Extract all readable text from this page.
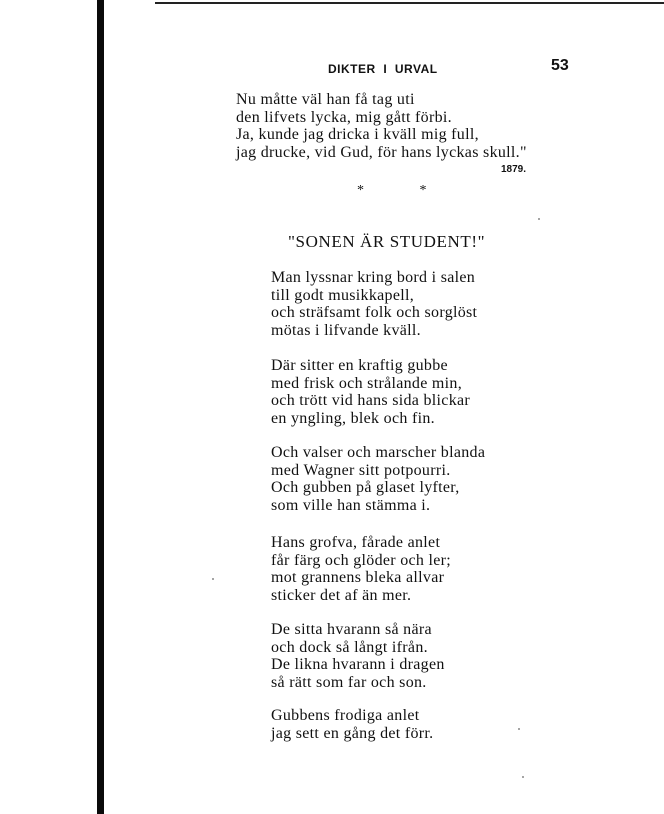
DIKTER  I  URVAL	53
Nu måtte väl han få tag uti
den lifvets lycka, mig gått förbi.
Ja, kunde jag dricka i kväll mig full,
jag drucke, vid Gud, för hans lyckas skull."
1879.
* *
"SONEN ÄR STUDENT!"
Man lyssnar kring bord i salen
till godt musikkapell,
och sträfsamt folk och sorglöst
mötas i lifvande kväll.
Där sitter en kraftig gubbe
med frisk och strålande min,
och trött vid hans sida blickar
en yngling, blek och fin.
Och valser och marscher blanda
med Wagner sitt potpourri.
Och gubben på glaset lyfter,
som ville han stämma i.
Hans grofva, fårade anlet
får färg och glöder och ler;
mot grannens bleka allvar
sticker det af än mer.
De sitta hvarann så nära
och dock så långt ifrån.
De likna hvarann i dragen
så rätt som far och son.
Gubbens frodiga anlet
jag sett en gång det förr.
